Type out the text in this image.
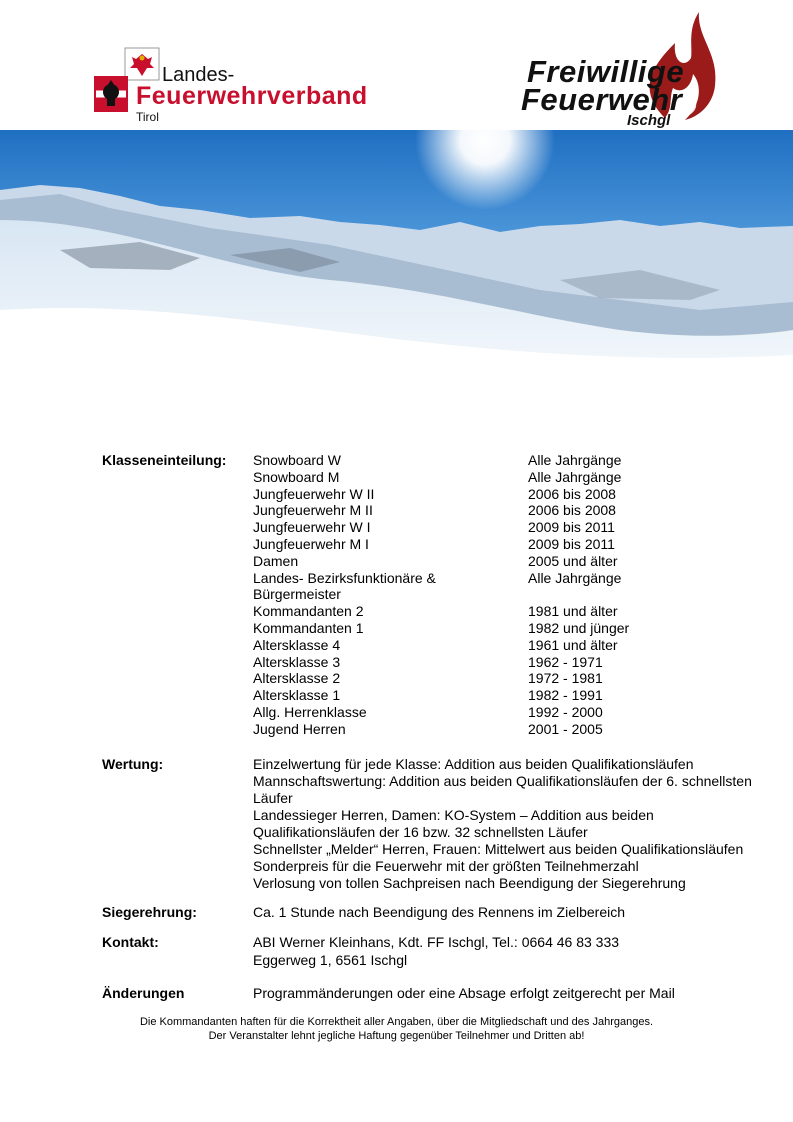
Landes-
Feuerwehrverband
Tirol
Freiwillige
Feuerwehr
Ischgl
Klasseneinteilung: Snowboard W	Alle Jahrgänge
Snowboard M	Alle Jahrgänge
Jungfeuerwehr W II	2006 bis 2008
Jungfeuerwehr M II	2006 bis 2008
Jungfeuerwehr W I	2009 bis 2011
Jungfeuerwehr M I	2009 bis 2011
Damen	2005 und älter
Landes- Bezirksfunktionäre &	Alle Jahrgänge
Bürgermeister
Kommandanten 2	1981 und älter
Kommandanten 1	1982 und jünger
Altersklasse 4	1961 und älter
Altersklasse 3	1962 - 1971
Altersklasse 2	1972 - 1981
Altersklasse 1	1982 - 1991
Allg. Herrenklasse	1992 - 2000
Jugend Herren	2001 - 2005
Wertung:	Einzelwertung für jede Klasse: Addition aus beiden Qualifikationsläufen
Mannschaftswertung: Addition aus beiden Qualifikationsläufen der 6. schnellsten
Läufer
Landessieger Herren, Damen: KO-System – Addition aus beiden
Qualifikationsläufen der 16 bzw. 32 schnellsten Läufer
Schnellster „Melder“ Herren, Frauen: Mittelwert aus beiden Qualifikationsläufen
Sonderpreis für die Feuerwehr mit der größten Teilnehmerzahl
Verlosung von tollen Sachpreisen nach Beendigung der Siegerehrung
Siegerehrung:	Ca. 1 Stunde nach Beendigung des Rennens im Zielbereich
Kontakt:	ABI Werner Kleinhans, Kdt. FF Ischgl, Tel.: 0664 46 83 333
Eggerweg 1, 6561 Ischgl
Änderungen	Programmänderungen oder eine Absage erfolgt zeitgerecht per Mail
Die Kommandanten haften für die Korrektheit aller Angaben, über die Mitgliedschaft und des Jahrganges.
Der Veranstalter lehnt jegliche Haftung gegenüber Teilnehmer und Dritten ab!
